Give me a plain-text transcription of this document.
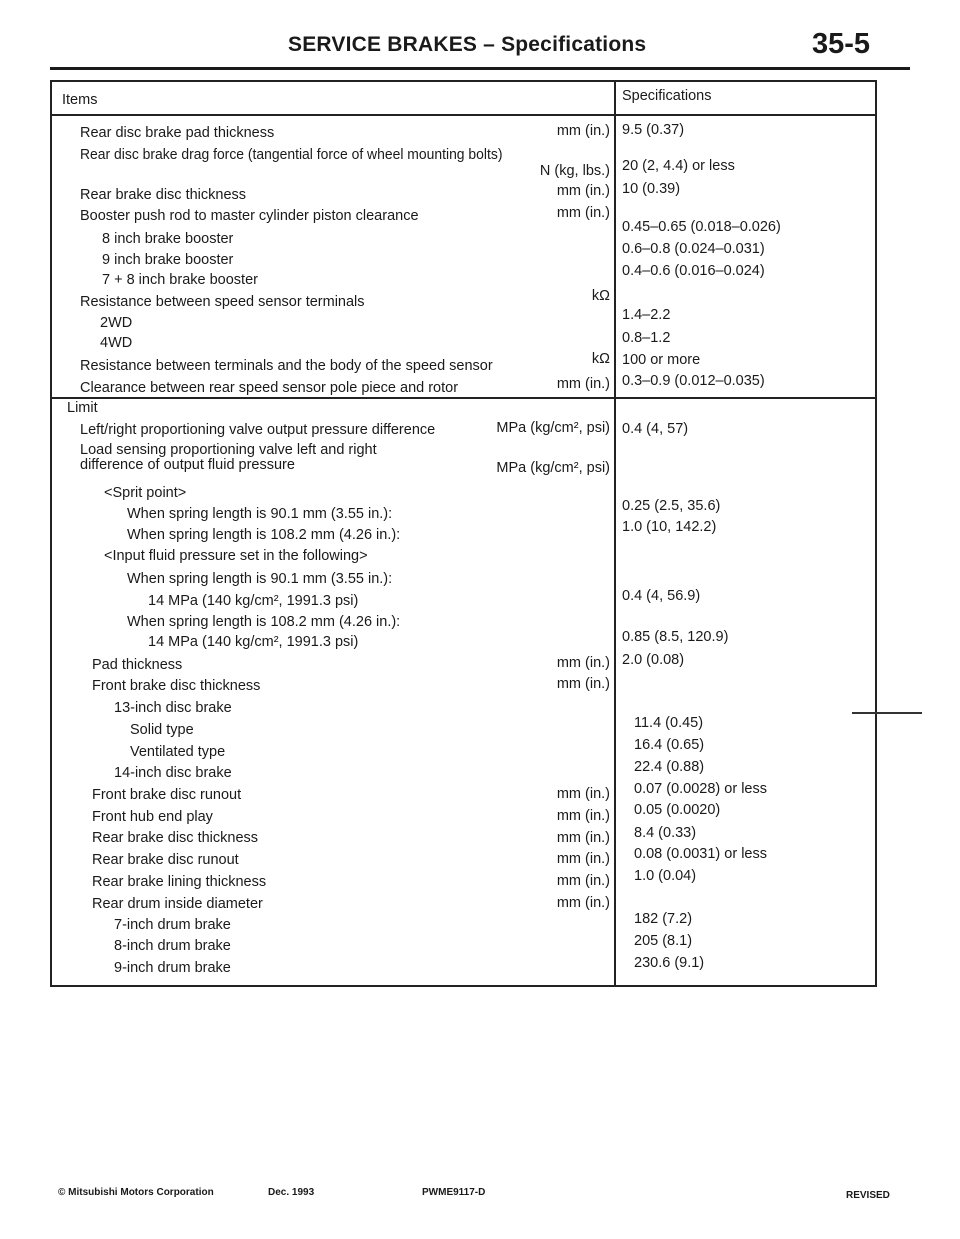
SERVICE BRAKES – Specifications	35-5
Items	Specifications
Rear disc brake pad thickness	mm (in.) 9.5 (0.37)
Rear disc brake drag force (tangential force of wheel mounting bolts)
N (kg, lbs.) 20 (2, 4.4) or less
Rear brake disc thickness	mm (in.) 10 (0.39)
Booster push rod to master cylinder piston clearance	mm (in.)
8 inch brake booster
0.45–0.65 (0.018–0.026)
9 inch brake booster
0.6–0.8 (0.024–0.031)
7 + 8 inch brake booster
0.4–0.6 (0.016–0.024)
Resistance between speed sensor terminals	kΩ
2WD	1.4–2.2
4WD	0.8–1.2
Resistance between terminals and the body of the speed sensor	kΩ 100 or more
Clearance between rear speed sensor pole piece and rotor	mm (in.) 0.3–0.9 (0.012–0.035)
Limit
Left/right proportioning valve output pressure difference	MPa (kg/cm², psi) 0.4 (4, 57)
Load sensing proportioning valve left and right difference of output fluid pressure	MPa (kg/cm², psi)
<Sprit point>
When spring length is 90.1 mm (3.55 in.):	0.25 (2.5, 35.6)
When spring length is 108.2 mm (4.26 in.):	1.0 (10, 142.2)
<Input fluid pressure set in the following>
When spring length is 90.1 mm (3.55 in.):
14 MPa (140 kg/cm², 1991.3 psi)	0.4 (4, 56.9)
When spring length is 108.2 mm (4.26 in.):
14 MPa (140 kg/cm², 1991.3 psi)	0.85 (8.5, 120.9)
Pad thickness	mm (in.) 2.0 (0.08)
Front brake disc thickness	mm (in.)
13-inch disc brake
Solid type	11.4 (0.45)
Ventilated type	16.4 (0.65)
14-inch disc brake	22.4 (0.88)
Front brake disc runout	mm (in.) 0.07 (0.0028) or less
Front hub end play	mm (in.) 0.05 (0.0020)
Rear brake disc thickness	mm (in.) 8.4 (0.33)
Rear brake disc runout	mm (in.) 0.08 (0.0031) or less
Rear brake lining thickness	mm (in.) 1.0 (0.04)
Rear drum inside diameter	mm (in.)
7-inch drum brake	182 (7.2)
8-inch drum brake	205 (8.1)
9-inch drum brake	230.6 (9.1)
© Mitsubishi Motors Corporation	Dec. 1993	PWME9117-D	REVISED
